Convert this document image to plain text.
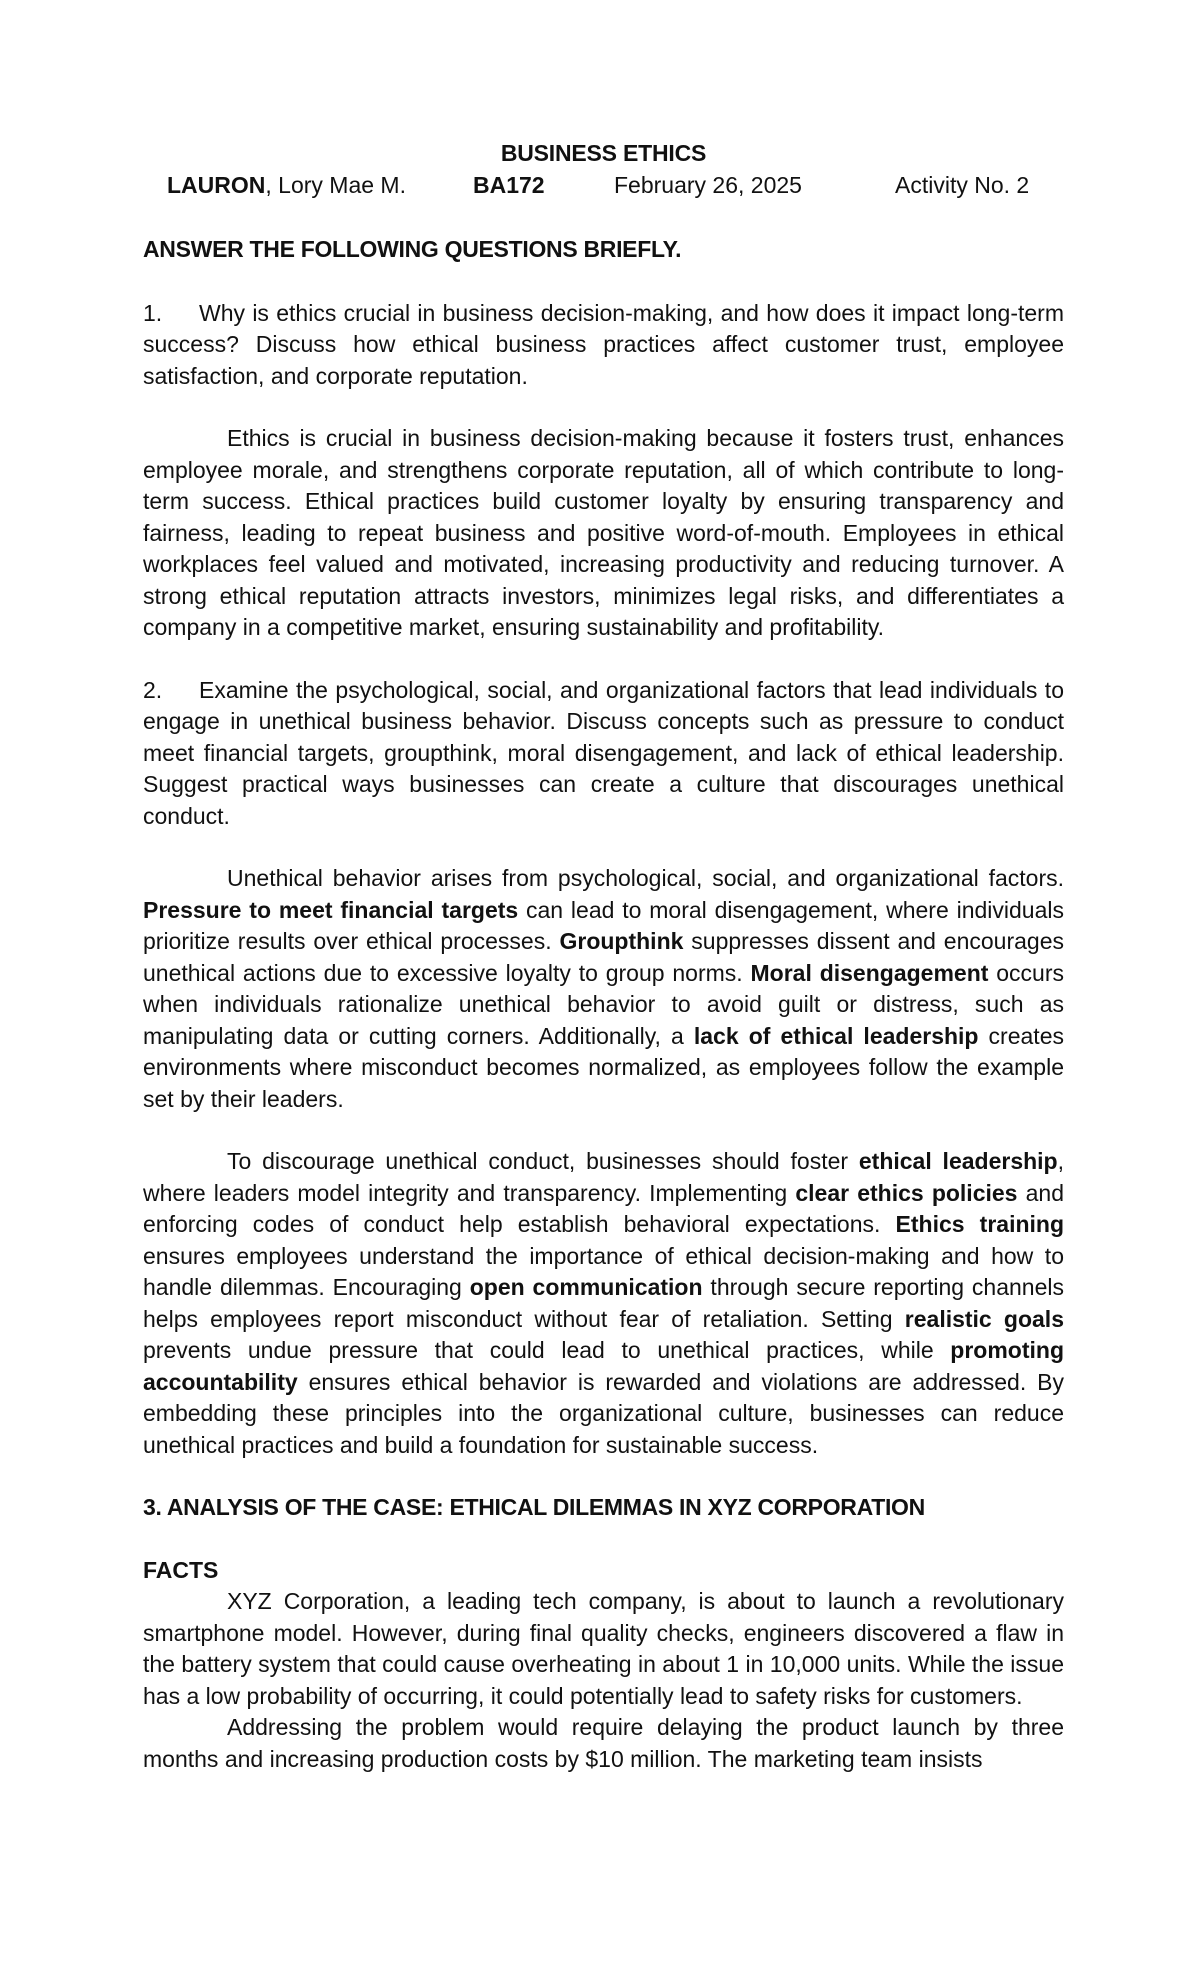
BUSINESS ETHICS

LAURON, Lory Mae M.	BA172	February 26, 2025	Activity No. 2

ANSWER THE FOLLOWING QUESTIONS BRIEFLY.

1. Why is ethics crucial in business decision-making, and how does it impact long-term success? Discuss how ethical business practices affect customer trust, employee satisfaction, and corporate reputation.

Ethics is crucial in business decision-making because it fosters trust, enhances employee morale, and strengthens corporate reputation, all of which contribute to long-term success. Ethical practices build customer loyalty by ensuring transparency and fairness, leading to repeat business and positive word-of-mouth. Employees in ethical workplaces feel valued and motivated, increasing productivity and reducing turnover. A strong ethical reputation attracts investors, minimizes legal risks, and differentiates a company in a competitive market, ensuring sustainability and profitability.

2. Examine the psychological, social, and organizational factors that lead individuals to engage in unethical business behavior. Discuss concepts such as pressure to conduct meet financial targets, groupthink, moral disengagement, and lack of ethical leadership. Suggest practical ways businesses can create a culture that discourages unethical conduct.

Unethical behavior arises from psychological, social, and organizational factors. Pressure to meet financial targets can lead to moral disengagement, where individuals prioritize results over ethical processes. Groupthink suppresses dissent and encourages unethical actions due to excessive loyalty to group norms. Moral disengagement occurs when individuals rationalize unethical behavior to avoid guilt or distress, such as manipulating data or cutting corners. Additionally, a lack of ethical leadership creates environments where misconduct becomes normalized, as employees follow the example set by their leaders.

To discourage unethical conduct, businesses should foster ethical leadership, where leaders model integrity and transparency. Implementing clear ethics policies and enforcing codes of conduct help establish behavioral expectations. Ethics training ensures employees understand the importance of ethical decision-making and how to handle dilemmas. Encouraging open communication through secure reporting channels helps employees report misconduct without fear of retaliation. Setting realistic goals prevents undue pressure that could lead to unethical practices, while promoting accountability ensures ethical behavior is rewarded and violations are addressed. By embedding these principles into the organizational culture, businesses can reduce unethical practices and build a foundation for sustainable success.

3. ANALYSIS OF THE CASE: ETHICAL DILEMMAS IN XYZ CORPORATION

FACTS

XYZ Corporation, a leading tech company, is about to launch a revolutionary smartphone model. However, during final quality checks, engineers discovered a flaw in the battery system that could cause overheating in about 1 in 10,000 units. While the issue has a low probability of occurring, it could potentially lead to safety risks for customers.

Addressing the problem would require delaying the product launch by three months and increasing production costs by $10 million. The marketing team insists
